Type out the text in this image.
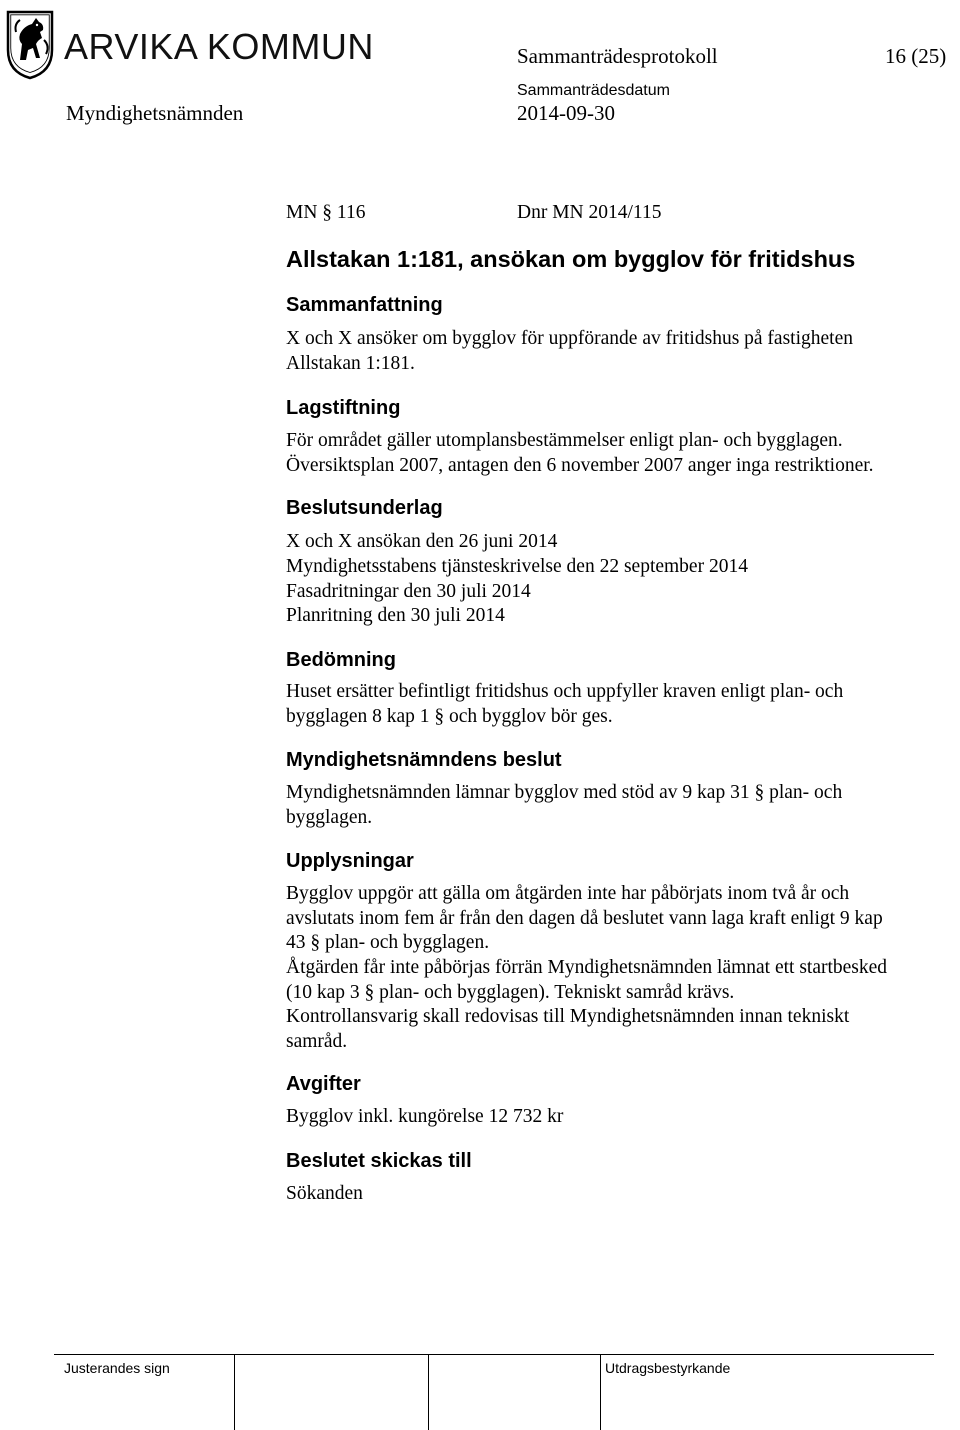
ARVIKA KOMMUN	Sammanträdesprotokoll	16 (25)
Sammanträdesdatum
Myndighetsnämnden	2014-09-30
MN § 116	Dnr MN 2014/115
Allstakan 1:181, ansökan om bygglov för fritidshus
Sammanfattning
X och X ansöker om bygglov för uppförande av fritidshus på fastigheten
Allstakan 1:181.
Lagstiftning
För området gäller utomplansbestämmelser enligt plan- och bygglagen.
Översiktsplan 2007, antagen den 6 november 2007 anger inga restriktioner.
Beslutsunderlag
X och X ansökan den 26 juni 2014
Myndighetsstabens tjänsteskrivelse den 22 september 2014
Fasadritningar den 30 juli 2014
Planritning den 30 juli 2014
Bedömning
Huset ersätter befintligt fritidshus och uppfyller kraven enligt plan- och
bygglagen 8 kap 1 § och bygglov bör ges.
Myndighetsnämndens beslut
Myndighetsnämnden lämnar bygglov med stöd av 9 kap 31 § plan- och
bygglagen.
Upplysningar
Bygglov uppgör att gälla om åtgärden inte har påbörjats inom två år och
avslutats inom fem år från den dagen då beslutet vann laga kraft enligt 9 kap
43 § plan- och bygglagen.
Åtgärden får inte påbörjas förrän Myndighetsnämnden lämnat ett startbesked
(10 kap 3 § plan- och bygglagen). Tekniskt samråd krävs.
Kontrollansvarig skall redovisas till Myndighetsnämnden innan tekniskt
samråd.
Avgifter
Bygglov inkl. kungörelse 12 732 kr
Beslutet skickas till
Sökanden
Justerandes sign	Utdragsbestyrkande
